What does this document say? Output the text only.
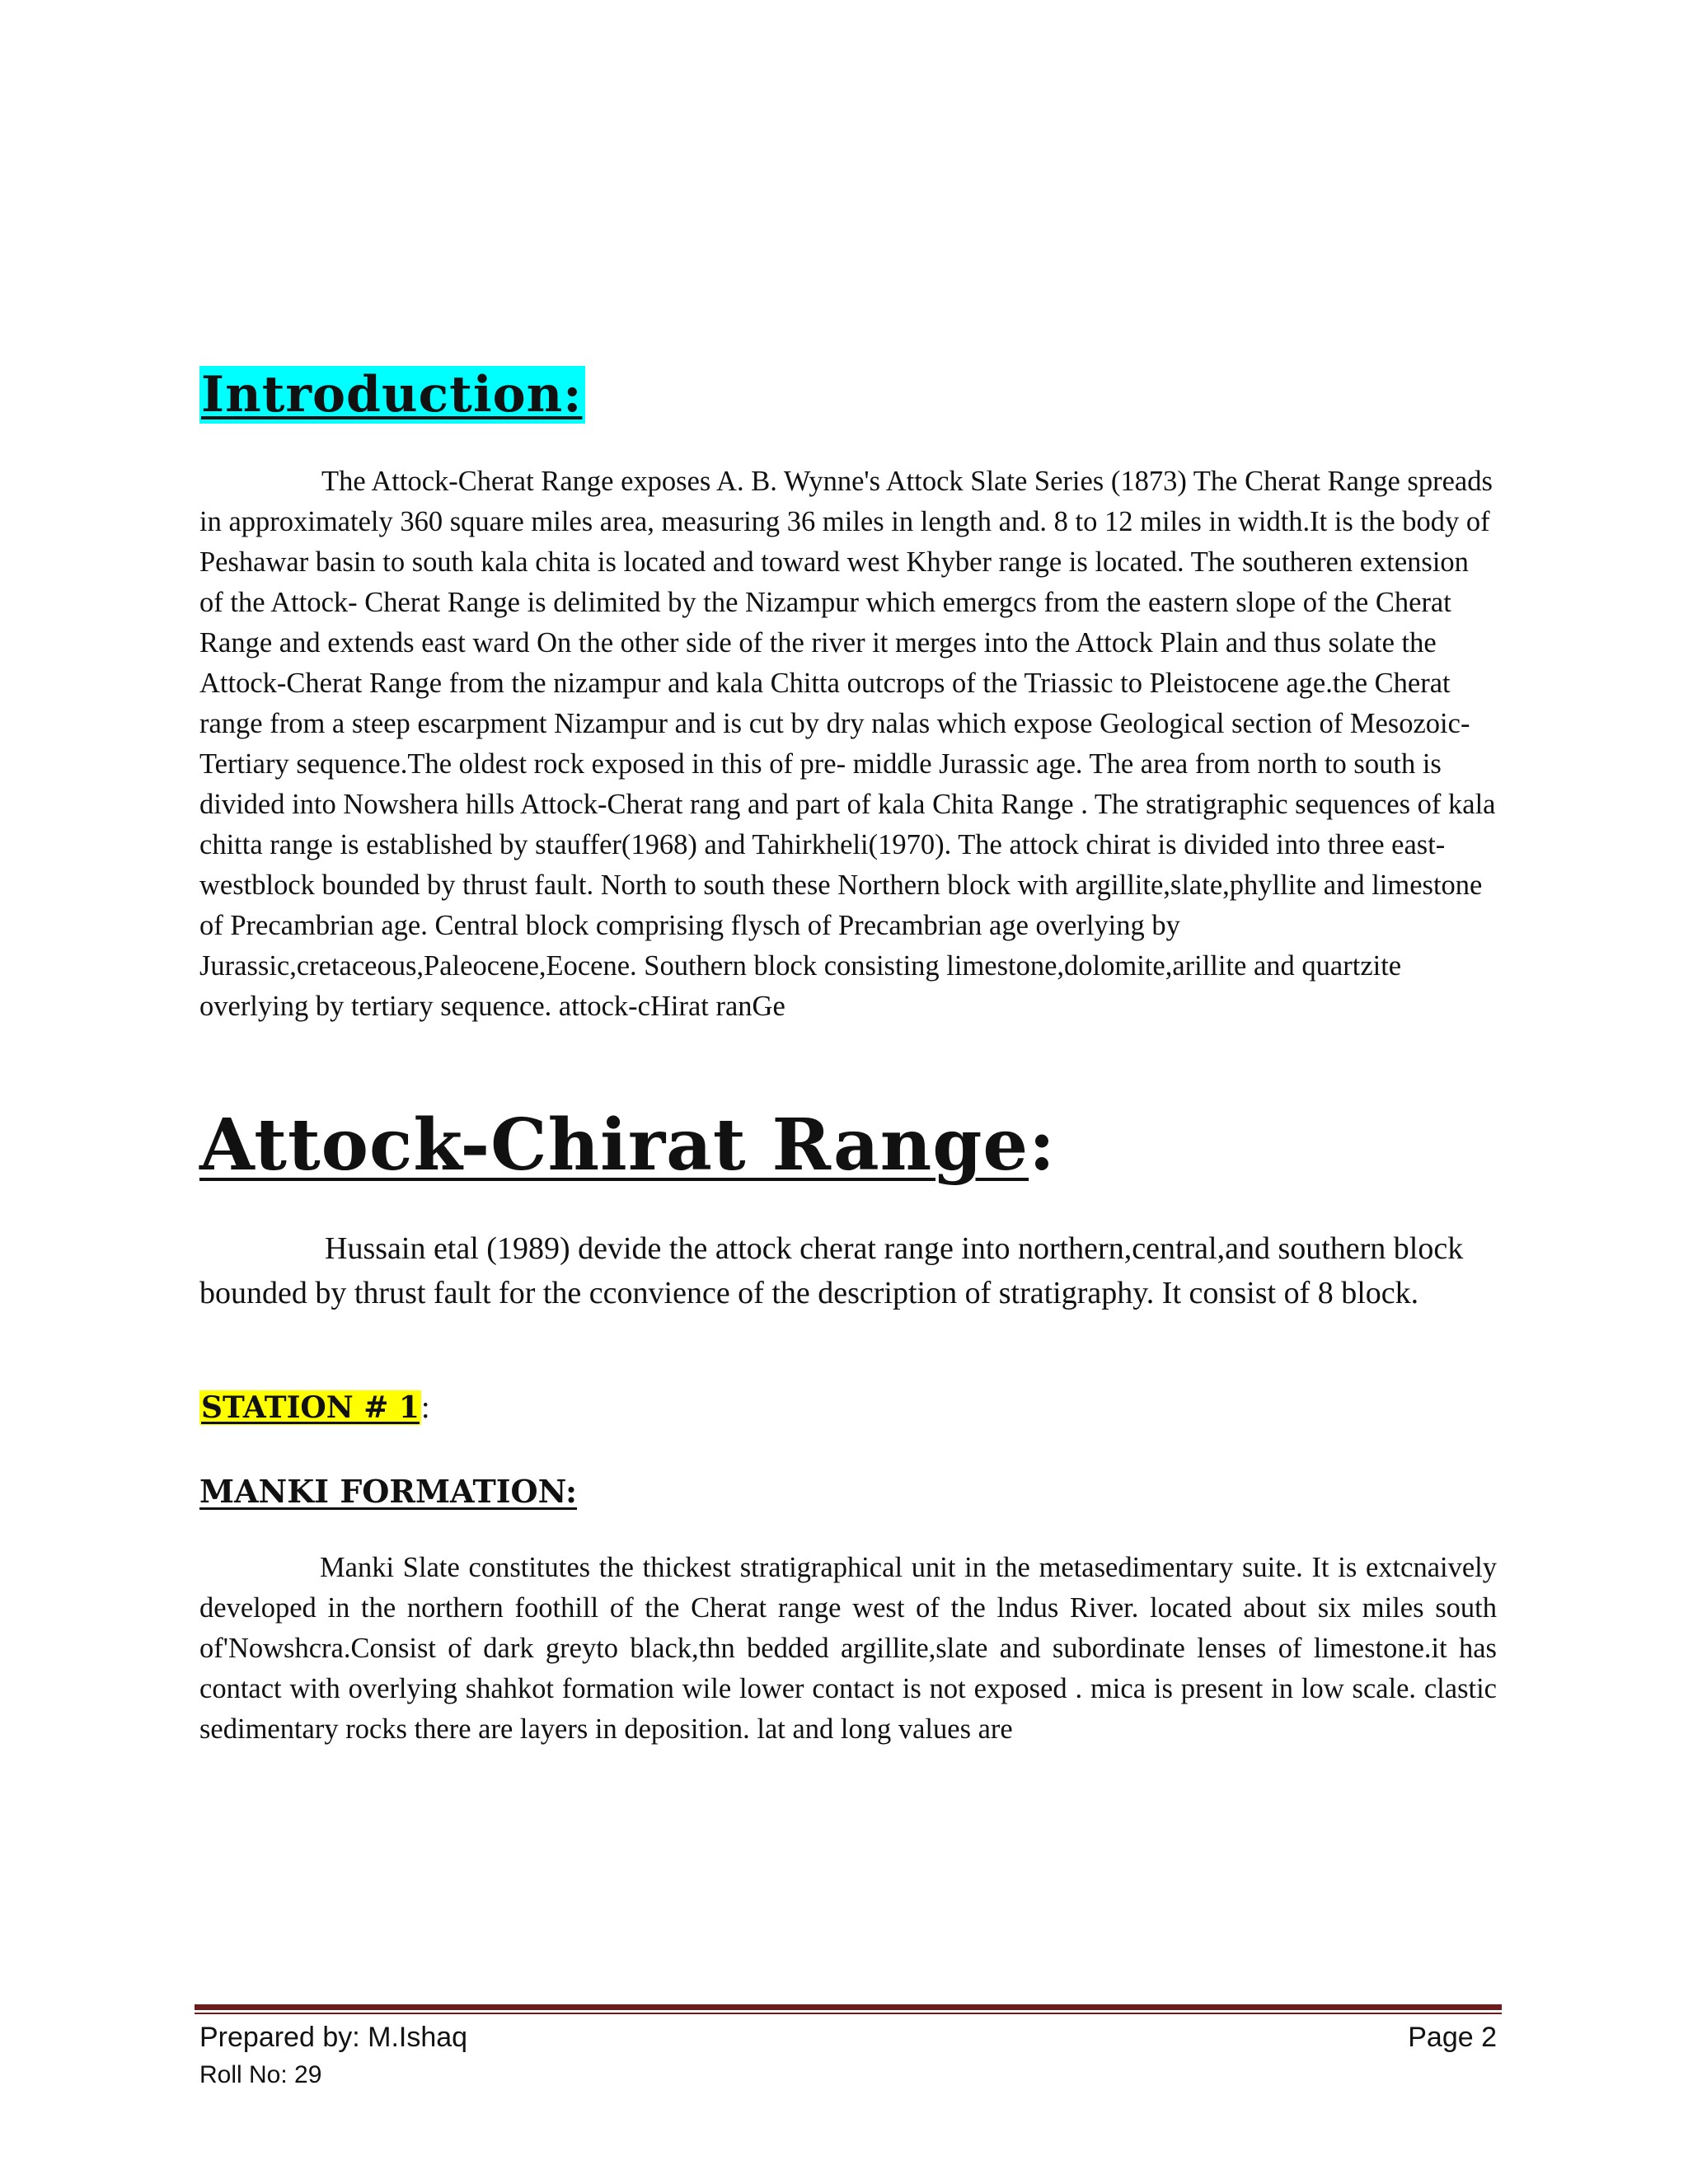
Introduction:

The Attock-Cherat Range exposes A. B. Wynne's Attock Slate Series (1873) The Cherat Range spreads in approximately 360 square miles area, measuring 36 miles in length and. 8 to 12 miles in width.It is the body of Peshawar basin to south kala chita is located and toward west Khyber range is located. The southeren extension of the Attock- Cherat Range is delimited by the Nizampur which emergcs from the eastern slope of the Cherat Range and extends east ward On the other side of the river it merges into the Attock Plain and thus solate the Attock-Cherat Range from the nizampur and kala Chitta outcrops of the Triassic to Pleistocene age.the Cherat range from a steep escarpment Nizampur and is cut by dry nalas which expose Geological section of Mesozoic-Tertiary sequence.The oldest rock exposed in this of pre- middle Jurassic age. The area from north to south is divided into Nowshera hills Attock-Cherat rang and part of kala Chita Range . The stratigraphic sequences of kala chitta range is established by stauffer(1968) and Tahirkheli(1970). The attock chirat is divided into three east-westblock bounded by thrust fault. North to south these Northern block with argillite,slate,phyllite and limestone of Precambrian age. Central block comprising flysch of Precambrian age overlying by Jurassic,cretaceous,Paleocene,Eocene. Southern block consisting limestone,dolomite,arillite and quartzite overlying by tertiary sequence. attock-cHirat ranGe

Attock-Chirat Range:

Hussain etal (1989) devide the attock cherat range into northern,central,and southern block bounded by thrust fault for the cconvience of the description of stratigraphy. It consist of 8 block.

STATION # 1:
MANKI FORMATION:

Manki Slate constitutes the thickest stratigraphical unit in the metasedimentary suite. It is extcnaively developed in the northern foothill of the Cherat range west of the lndus River. located about six miles south of'Nowshcra.Consist of dark greyto black,thn bedded argillite,slate and subordinate lenses of limestone.it has contact with overlying shahkot formation wile lower contact is not exposed . mica is present in low scale. clastic sedimentary rocks there are layers in deposition. lat and long values are

Prepared by: M.Ishaq
Roll No: 29
Page 2
